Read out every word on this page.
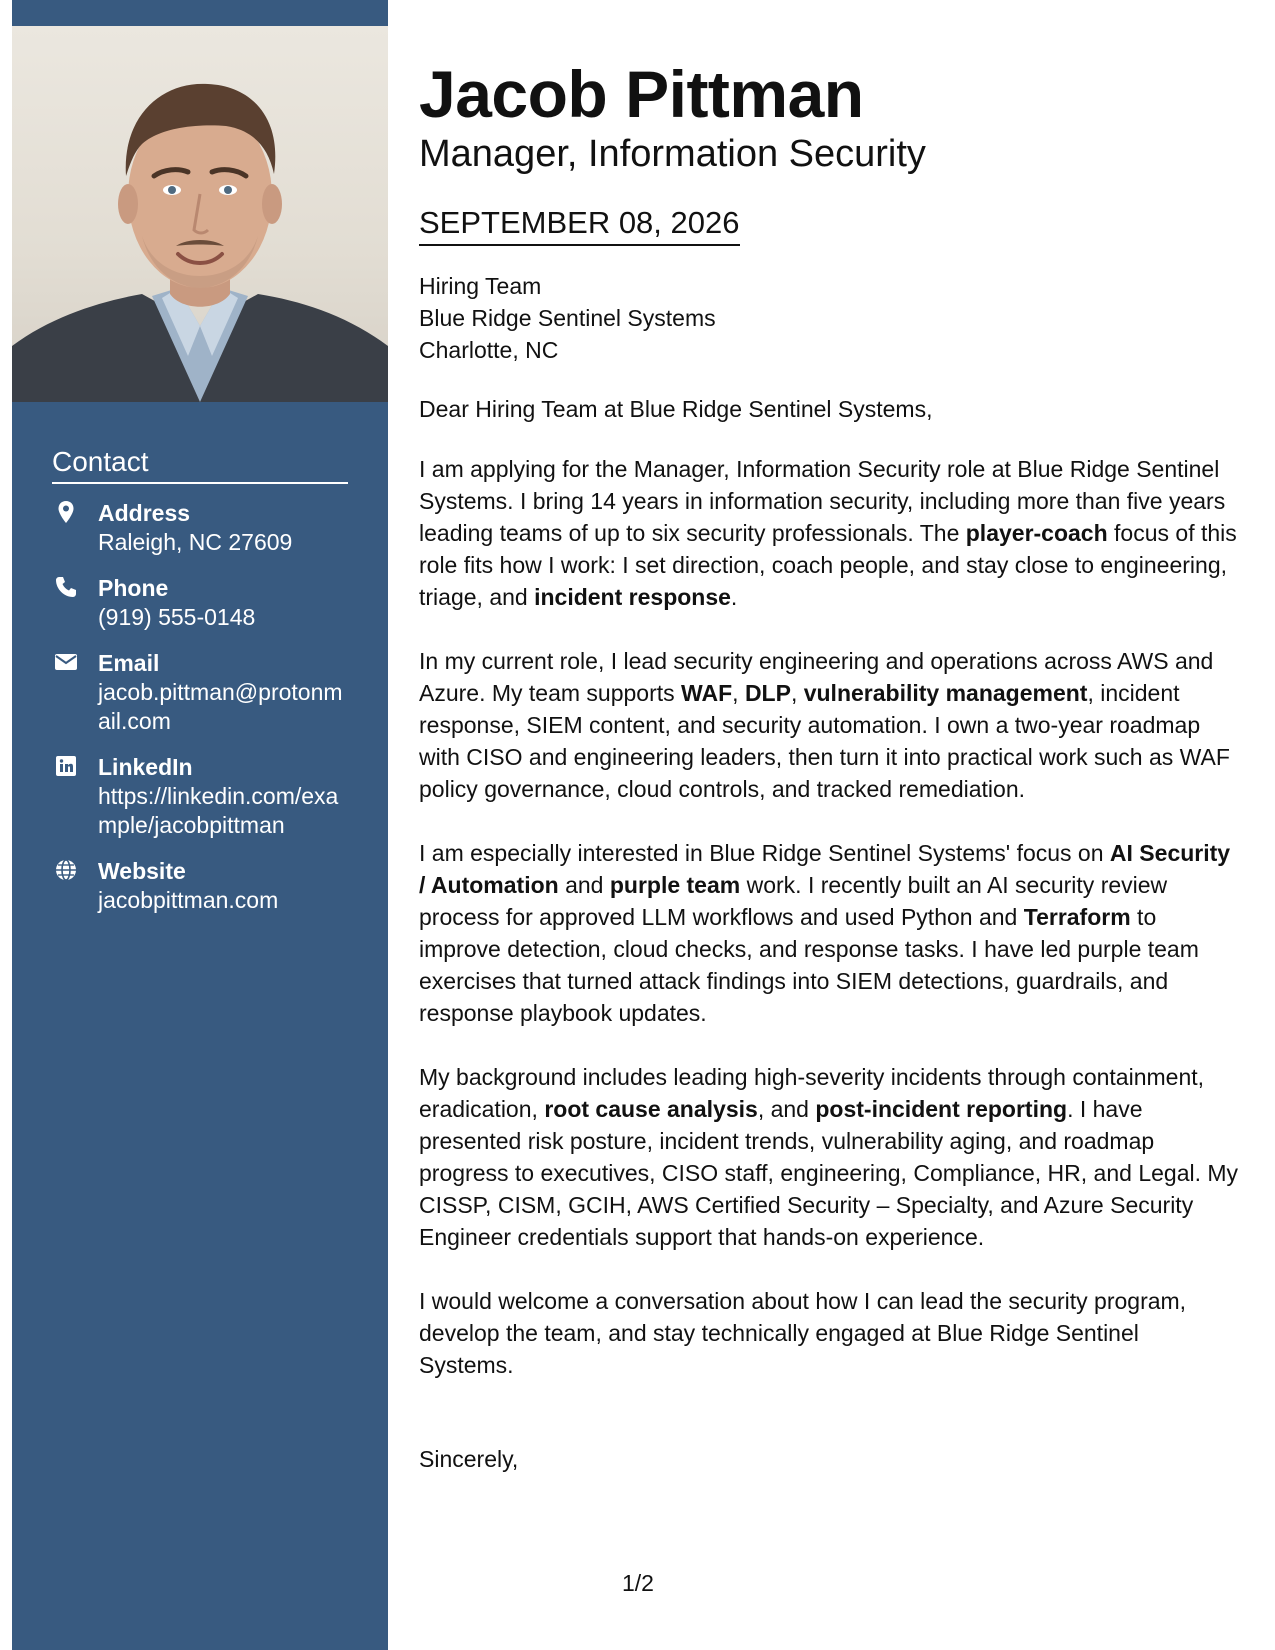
Contact
Address
Raleigh, NC 27609
Phone
(919) 555-0148
Email
jacob.pittman@protonmail.com
LinkedIn
https://linkedin.com/example/jacobpittman
Website
jacobpittman.com
Jacob Pittman
Manager, Information Security
SEPTEMBER 08, 2026

Hiring Team

Blue Ridge Sentinel Systems

Charlotte, NC

Dear Hiring Team at Blue Ridge Sentinel Systems,

I am applying for the Manager, Information Security role at Blue Ridge Sentinel Systems. I bring 14 years in information security, including more than five years leading teams of up to six security professionals. The player-coach focus of this role fits how I work: I set direction, coach people, and stay close to engineering, triage, and incident response.

In my current role, I lead security engineering and operations across AWS and Azure. My team supports WAF, DLP, vulnerability management, incident response, SIEM content, and security automation. I own a two-year roadmap with CISO and engineering leaders, then turn it into practical work such as WAF policy governance, cloud controls, and tracked remediation.

I am especially interested in Blue Ridge Sentinel Systems' focus on AI Security / Automation and purple team work. I recently built an AI security review process for approved LLM workflows and used Python and Terraform to improve detection, cloud checks, and response tasks. I have led purple team exercises that turned attack findings into SIEM detections, guardrails, and response playbook updates.

My background includes leading high-severity incidents through containment, eradication, root cause analysis, and post-incident reporting. I have presented risk posture, incident trends, vulnerability aging, and roadmap progress to executives, CISO staff, engineering, Compliance, HR, and Legal. My CISSP, CISM, GCIH, AWS Certified Security – Specialty, and Azure Security Engineer credentials support that hands-on experience.

I would welcome a conversation about how I can lead the security program, develop the team, and stay technically engaged at Blue Ridge Sentinel Systems.

Sincerely,
1/2
